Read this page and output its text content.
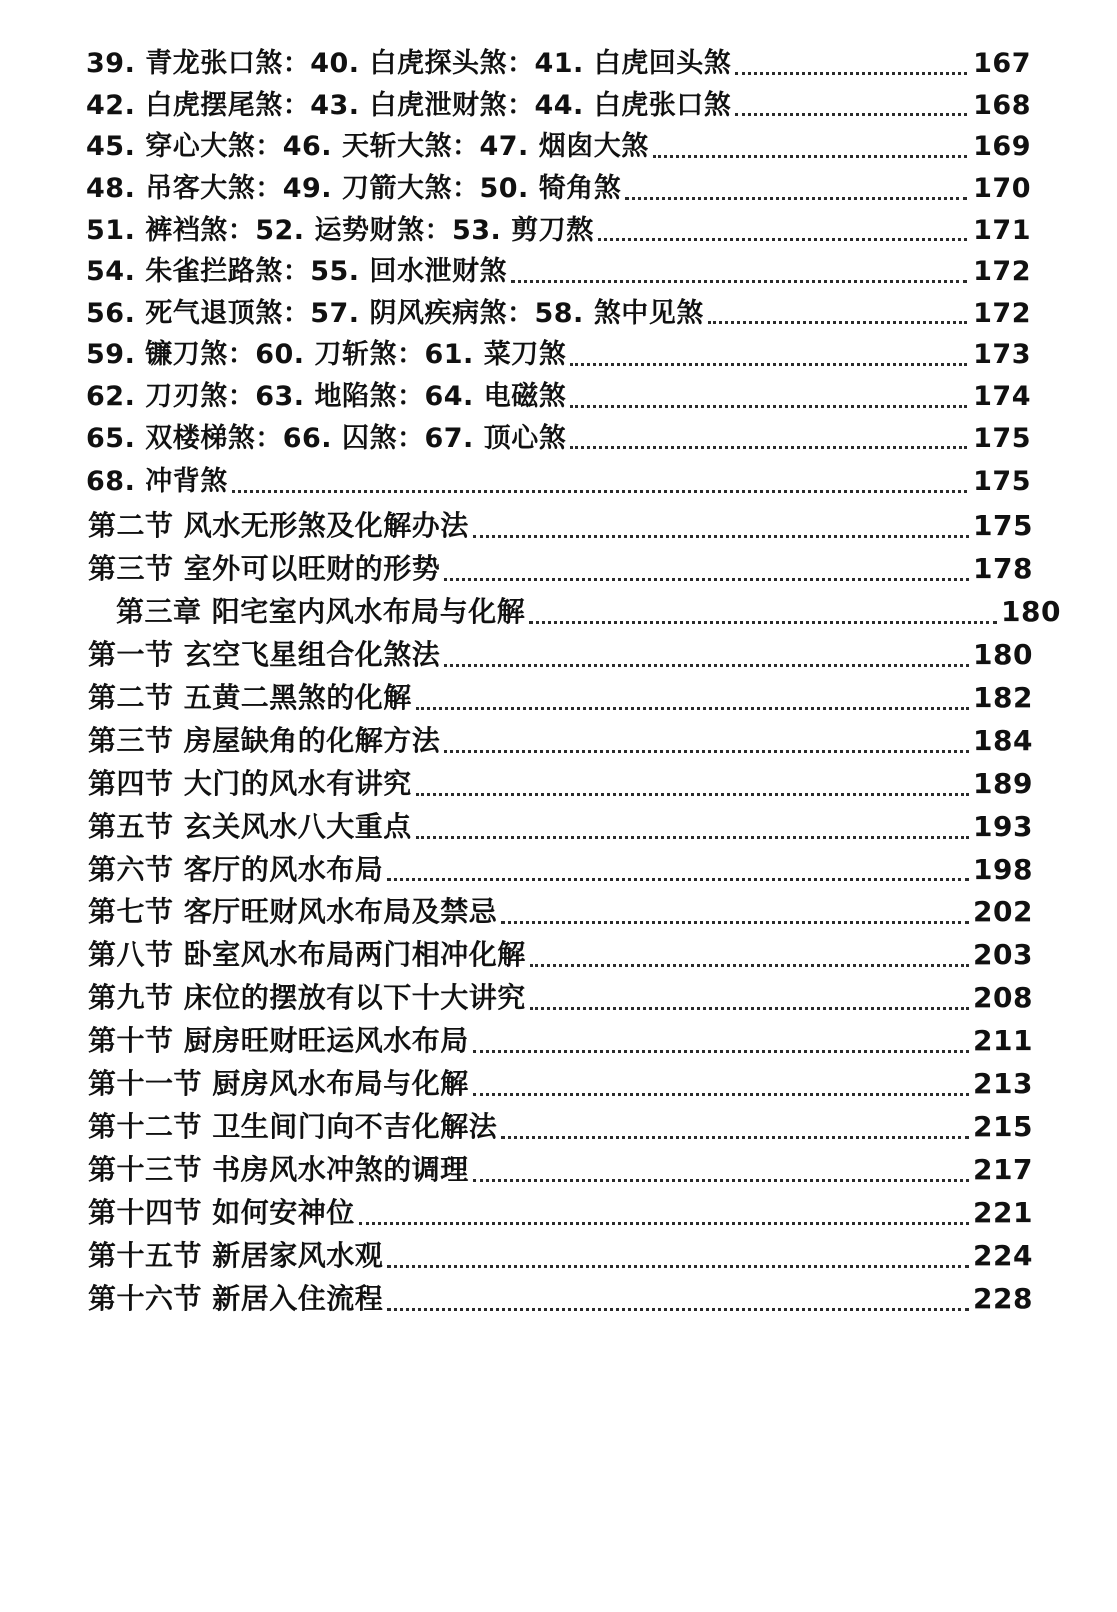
39. 青龙张口煞：40. 白虎探头煞：41. 白虎回头煞	167
42. 白虎摆尾煞：43. 白虎泄财煞：44. 白虎张口煞	168
45. 穿心大煞：46. 天斩大煞：47. 烟囱大煞	169
48. 吊客大煞：49. 刀箭大煞：50. 犄角煞	170
51. 裤裆煞：52. 运势财煞：53. 剪刀熬	171
54. 朱雀拦路煞：55. 回水泄财煞	172
56. 死气退顶煞：57. 阴风疾病煞：58. 煞中见煞	172
59. 镰刀煞：60. 刀斩煞：61. 菜刀煞	173
62. 刀刃煞：63. 地陷煞：64. 电磁煞	174
65. 双楼梯煞：66. 囚煞：67. 顶心煞	175
68. 冲背煞	175
第二节 风水无形煞及化解办法	175
第三节 室外可以旺财的形势	178
第三章 阳宅室内风水布局与化解	180
第一节 玄空飞星组合化煞法	180
第二节 五黄二黑煞的化解	182
第三节 房屋缺角的化解方法	184
第四节 大门的风水有讲究	189
第五节 玄关风水八大重点	193
第六节 客厅的风水布局	198
第七节 客厅旺财风水布局及禁忌	202
第八节 卧室风水布局两门相冲化解	203
第九节 床位的摆放有以下十大讲究	208
第十节 厨房旺财旺运风水布局	211
第十一节 厨房风水布局与化解	213
第十二节 卫生间门向不吉化解法	215
第十三节 书房风水冲煞的调理	217
第十四节 如何安神位	221
第十五节 新居家风水观	224
第十六节 新居入住流程	228
